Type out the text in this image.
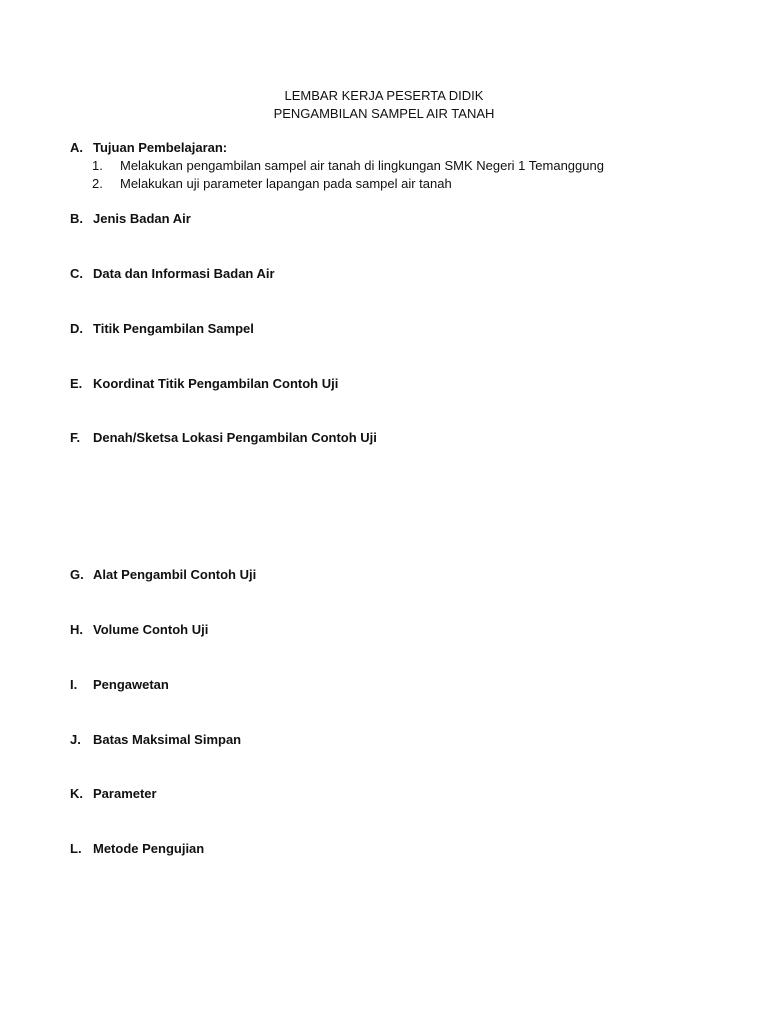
LEMBAR KERJA PESERTA DIDIK
PENGAMBILAN SAMPEL AIR TANAH
A. Tujuan Pembelajaran:
1. Melakukan pengambilan sampel air tanah di lingkungan SMK Negeri 1 Temanggung
2. Melakukan uji parameter lapangan pada sampel air tanah
B. Jenis Badan Air
C. Data dan Informasi Badan Air
D. Titik Pengambilan Sampel
E. Koordinat Titik Pengambilan Contoh Uji
F. Denah/Sketsa Lokasi Pengambilan Contoh Uji
G. Alat Pengambil Contoh Uji
H. Volume Contoh Uji
I. Pengawetan
J. Batas Maksimal Simpan
K. Parameter
L. Metode Pengujian
